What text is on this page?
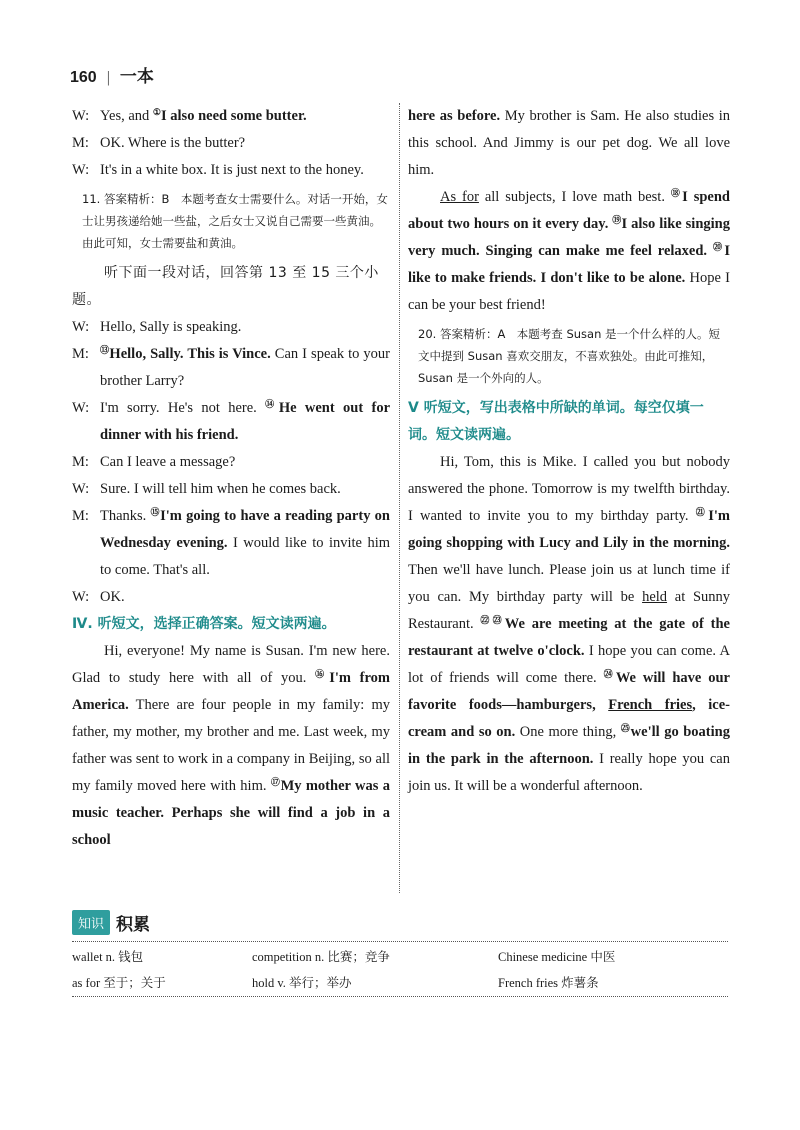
160 | 一本
W: Yes, and ①I also need some butter.
M: OK. Where is the butter?
W: It's in a white box. It is just next to the honey.
11. 答案精析：B　本题考查女士需要什么。对话一开始，女士让男孩递给她一些盐，之后女士又说自己需要一些黄油。由此可知，女士需要盐和黄油。
听下面一段对话，回答第 13 至 15 三个小题。
W: Hello, Sally is speaking.
M:	⑬Hello, Sally. This is Vince. Can I speak to your brother Larry?
W: I'm sorry. He's not here. ⑭He went out for dinner with his friend.
M: Can I leave a message?
W: Sure. I will tell him when he comes back.
M: Thanks. ⑮I'm going to have a reading party on Wednesday evening. I would like to invite him to come. That's all.
W: OK.
Ⅳ. 听短文，选择正确答案。短文读两遍。
Hi, everyone! My name is Susan. I'm new here. Glad to study here with all of you. ⑯I'm from America. There are four people in my family: my father, my mother, my brother and me. Last week, my father was sent to work in a company in Beijing, so all my family moved here with him. ⑰My mother was a music teacher. Perhaps she will find a job in a school
here as before. My brother is Sam. He also studies in this school. And Jimmy is our pet dog. We all love him.
As for all subjects, I love math best. ⑱I spend about two hours on it every day. ⑲I also like singing very much. Singing can make me feel relaxed. ⑳I like to make friends. I don't like to be alone. Hope I can be your best friend!
20. 答案精析：A　本题考查 Susan 是一个什么样的人。短文中提到 Susan 喜欢交朋友，不喜欢独处。由此可推知，Susan 是一个外向的人。
Ⅴ 听短文，写出表格中所缺的单词。每空仅填一词。短文读两遍。
Hi, Tom, this is Mike. I called you but nobody answered the phone. Tomorrow is my twelfth birthday. I wanted to invite you to my birthday party. $^㉑$I'm going shopping with Lucy and Lily in the morning. Then we'll have lunch. Please join us at lunch time if you can. My birthday party will be held at Sunny Restaurant. $^{㉒㉓}$We are meeting at the gate of the restaurant at twelve o'clock. I hope you can come. A lot of friends will come there. $^㉔$We will have our favorite foods—hamburgers, French fries, ice-cream and so on. One more thing, $^㉕$we'll go boating in the park in the afternoon. I really hope you can join us. It will be a wonderful afternoon.
知识 积累
wallet n. 钱包	competition n. 比赛；竞争	Chinese medicine 中医
as for 至于；关于	hold v. 举行；举办	French fries 炸薯条
